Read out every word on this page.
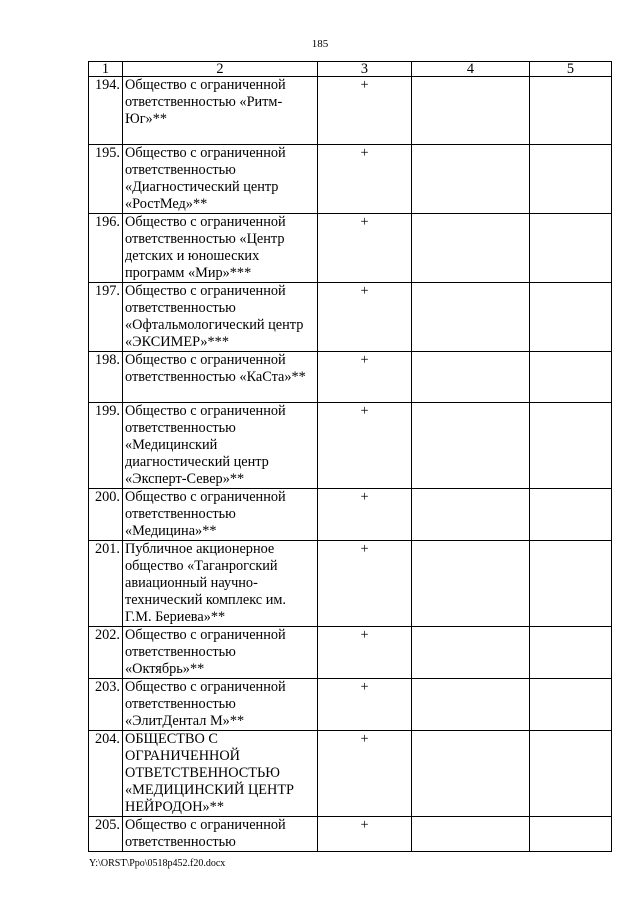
185
1	2	3	4	5
194.	Общество с ограниченной ответственностью «Ритм-Юг»**	+		
195.	Общество с ограниченной ответственностью «Диагностический центр «РостМед»**	+		
196.	Общество с ограниченной ответственностью «Центр детских и юношеских программ «Мир»***	+		
197.	Общество с ограниченной ответственностью «Офтальмологический центр «ЭКСИМЕР»***	+		
198.	Общество с ограниченной ответственностью «КаСта»**	+		
199.	Общество с ограниченной ответственностью «Медицинский диагностический центр «Эксперт-Север»**	+		
200.	Общество с ограниченной ответственностью «Медицина»**	+		
201.	Публичное акционерное общество «Таганрогский авиационный научно-технический комплекс им. Г.М. Бериева»**	+		
202.	Общество с ограниченной ответственностью «Октябрь»**	+		
203.	Общество с ограниченной ответственностью «ЭлитДентал М»**	+		
204.	ОБЩЕСТВО С ОГРАНИЧЕННОЙ ОТВЕТСТВЕННОСТЬЮ «МЕДИЦИНСКИЙ ЦЕНТР НЕЙРОДОН»**	+		
205.	Общество с ограниченной ответственностью	+		
Y:\ORST\Ppo\0518p452.f20.docx
